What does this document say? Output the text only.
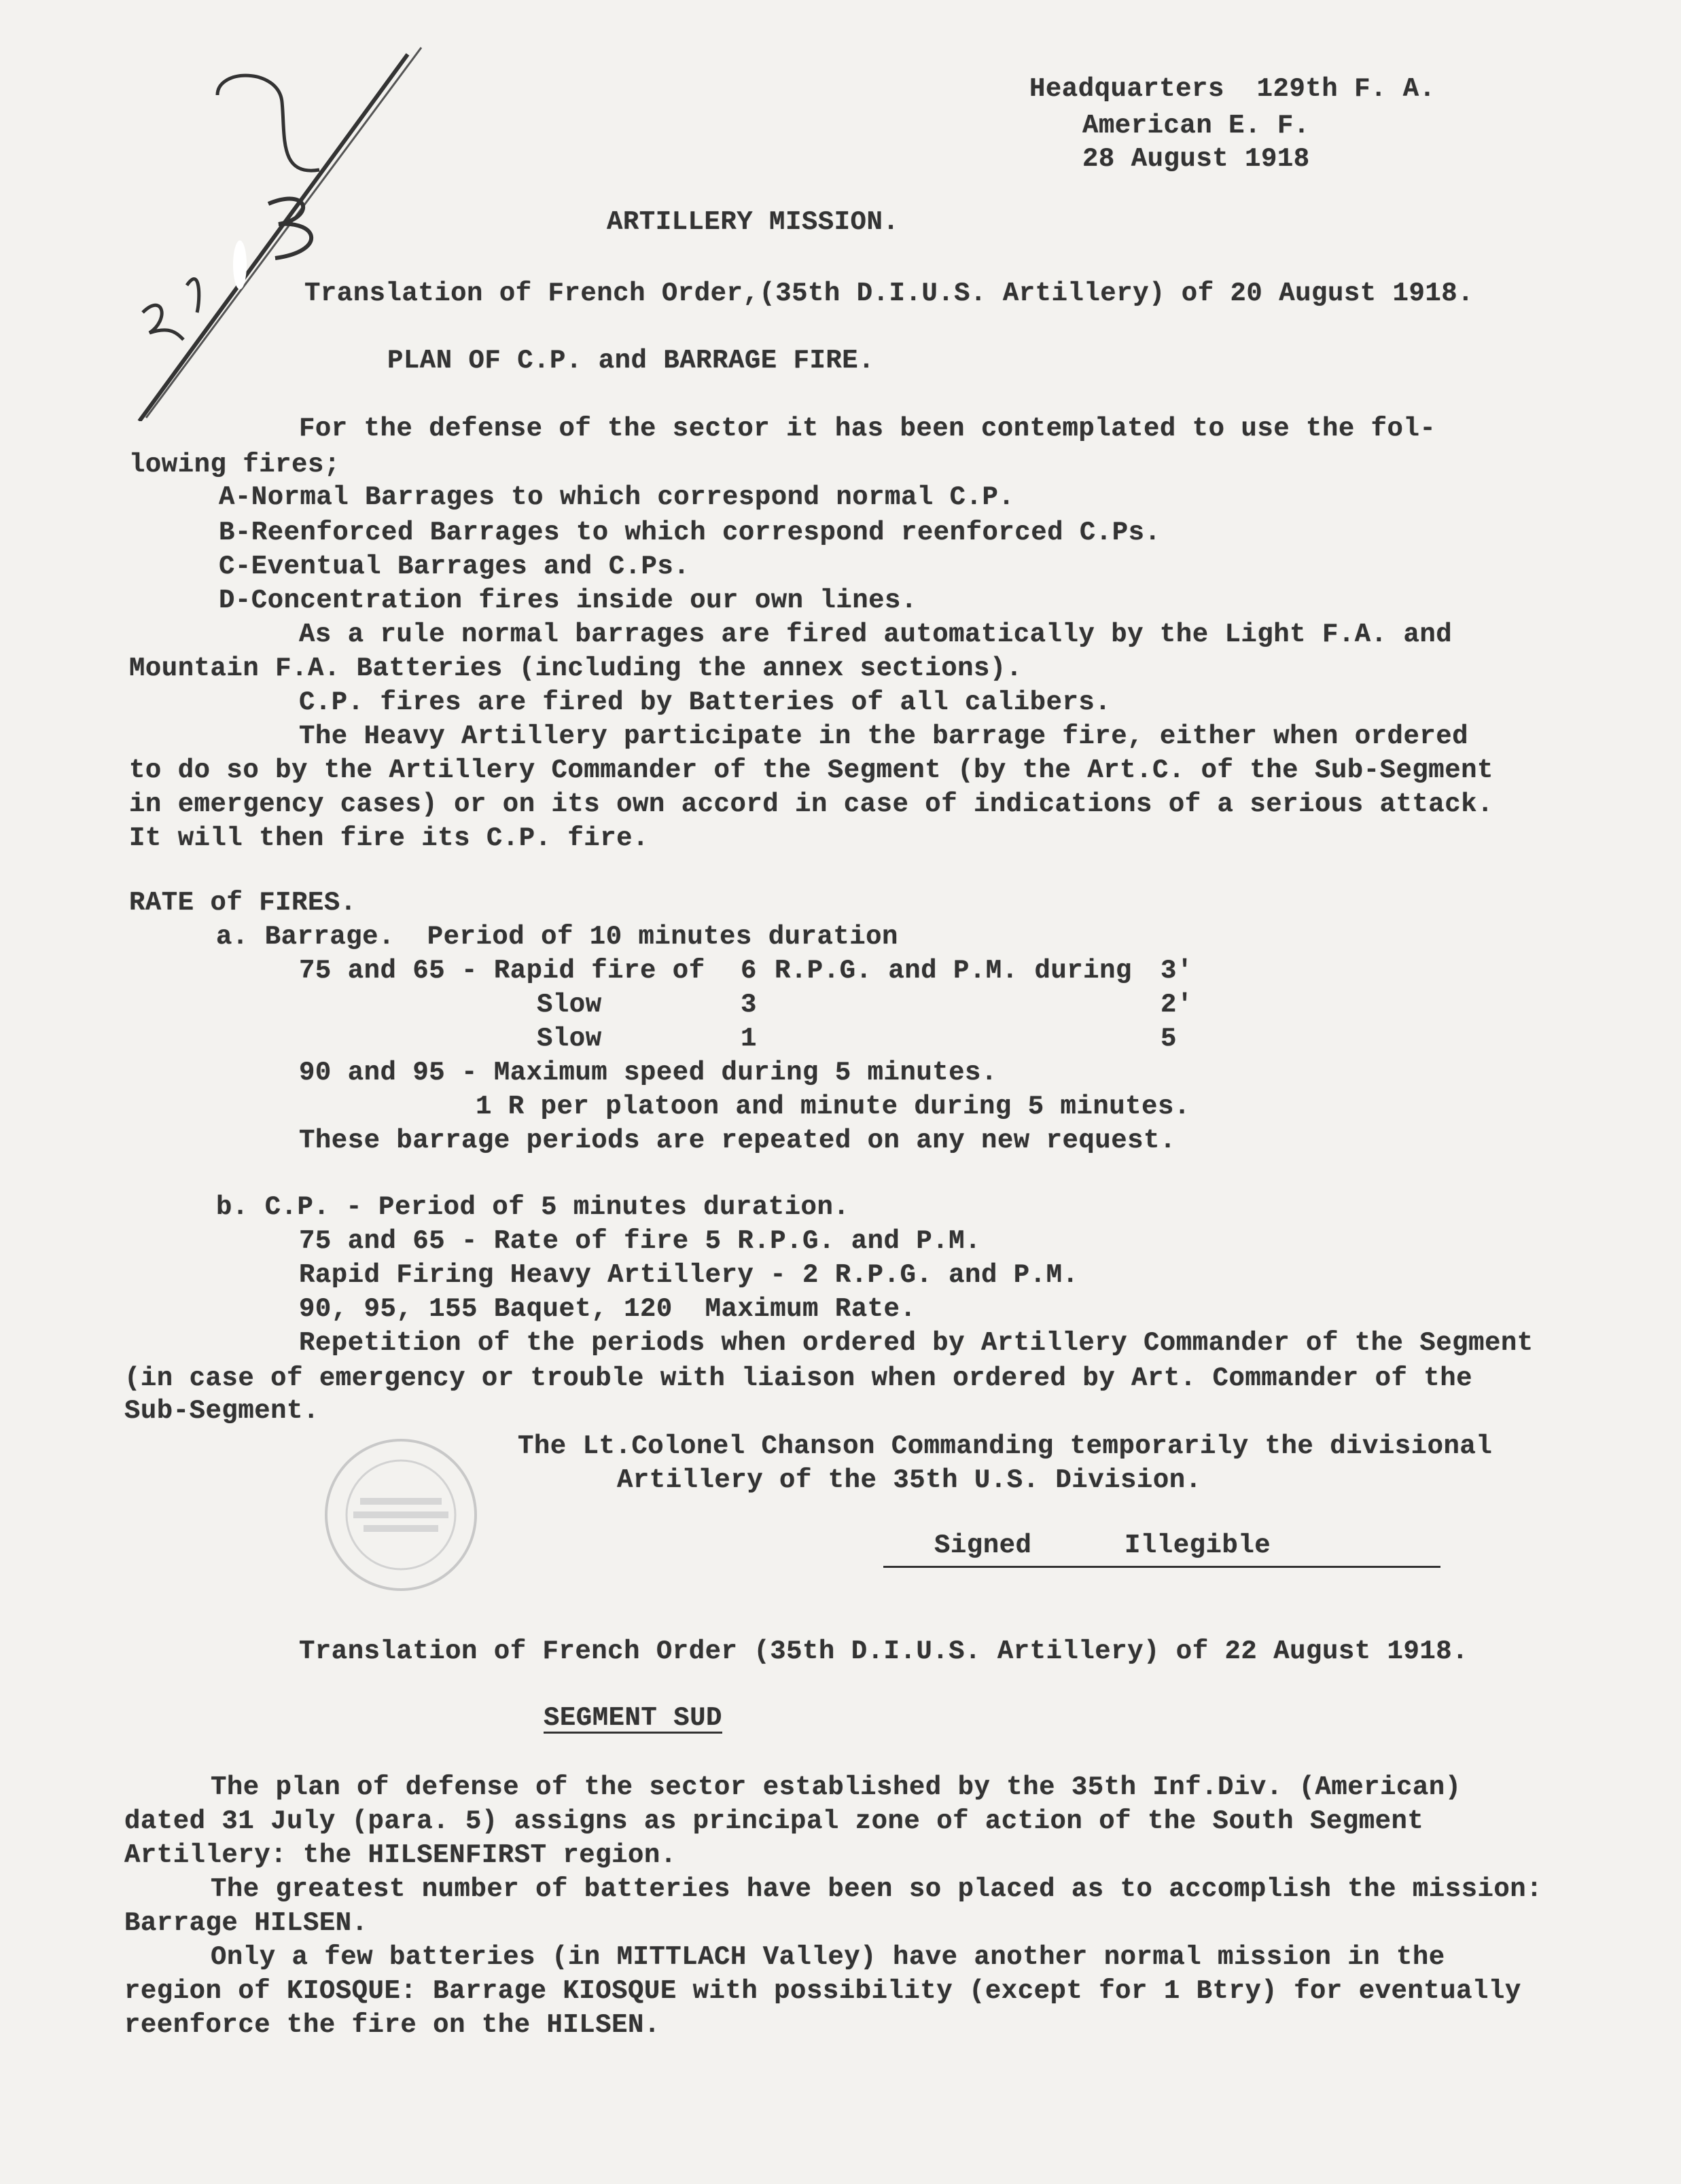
Headquarters  129th F. A.
American E. F.
28 August 1918
ARTILLERY MISSION.
Translation of French Order,(35th D.I.U.S. Artillery) of 20 August 1918.
PLAN OF C.P. and BARRAGE FIRE.
For the defense of the sector it has been contemplated to use the fol-
lowing fires;
A-Normal Barrages to which correspond normal C.P.
B-Reenforced Barrages to which correspond reenforced C.Ps.
C-Eventual Barrages and C.Ps.
D-Concentration fires inside our own lines.
As a rule normal barrages are fired automatically by the Light F.A. and
Mountain F.A. Batteries (including the annex sections).
C.P. fires are fired by Batteries of all calibers.
The Heavy Artillery participate in the barrage fire, either when ordered
to do so by the Artillery Commander of the Segment (by the Art.C. of the Sub-Segment
in emergency cases) or on its own accord in case of indications of a serious attack.
It will then fire its C.P. fire.
RATE of FIRES.
a. Barrage.  Period of 10 minutes duration
75 and 65 - Rapid fire of 6 R.P.G. and P.M. during 3'
Slow	3	2'
Slow	1	5
90 and 95 - Maximum speed during 5 minutes.
1 R per platoon and minute during 5 minutes.
These barrage periods are repeated on any new request.
b. C.P. - Period of 5 minutes duration.
75 and 65 - Rate of fire 5 R.P.G. and P.M.
Rapid Firing Heavy Artillery - 2 R.P.G. and P.M.
90, 95, 155 Baquet, 120  Maximum Rate.
Repetition of the periods when ordered by Artillery Commander of the Segment
(in case of emergency or trouble with liaison when ordered by Art. Commander of the
Sub-Segment.
The Lt.Colonel Chanson Commanding temporarily the divisional
Artillery of the 35th U.S. Division.
Signed	Illegible
Translation of French Order (35th D.I.U.S. Artillery) of 22 August 1918.
SEGMENT SUD
The plan of defense of the sector established by the 35th Inf.Div. (American)
dated 31 July (para. 5) assigns as principal zone of action of the South Segment
Artillery: the HILSENFIRST region.
The greatest number of batteries have been so placed as to accomplish the mission:
Barrage HILSEN.
Only a few batteries (in MITTLACH Valley) have another normal mission in the
region of KIOSQUE: Barrage KIOSQUE with possibility (except for 1 Btry) for eventually
reenforce the fire on the HILSEN.
